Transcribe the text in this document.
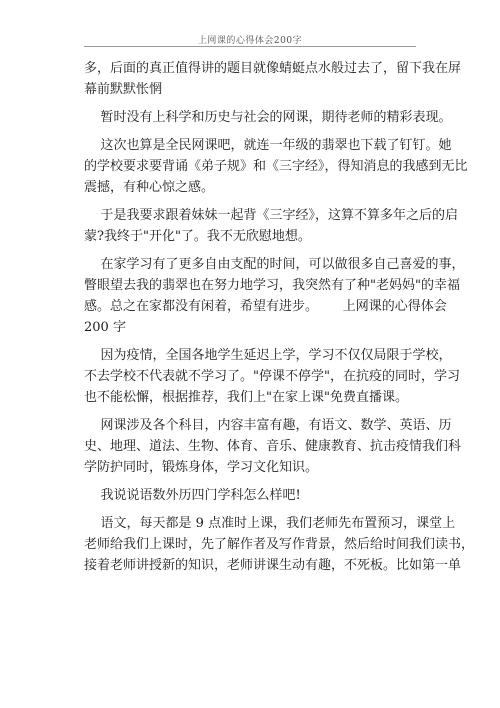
上网课的心得体会200字
多，后面的真正值得讲的题目就像蜻蜓点水般过去了，留下我在屏
幕前默默怅惘
暂时没有上科学和历史与社会的网课，期待老师的精彩表现。
这次也算是全民网课吧，就连一年级的翡翠也下载了钉钉。她
的学校要求要背诵《弟子规》和《三字经》，得知消息的我感到无比
震撼，有种心惊之感。
于是我要求跟着妹妹一起背《三字经》，这算不算多年之后的启
蒙?我终于"开化"了。我不无欣慰地想。
在家学习有了更多自由支配的时间，可以做很多自己喜爱的事，
瞥眼望去我的翡翠也在努力地学习，我突然有了种"老妈妈"的幸福
感。总之在家都没有闲着，希望有进步。      上网课的心得体会
200 字
因为疫情，全国各地学生延迟上学，学习不仅仅局限于学校，
不去学校不代表就不学习了。"停课不停学"，在抗疫的同时，学习
也不能松懈，根据推荐，我们上"在家上课"免费直播课。
网课涉及各个科目，内容丰富有趣，有语文、数学、英语、历
史、地理、道法、生物、体育、音乐、健康教育、抗击疫情我们科
学防护同时，锻炼身体，学习文化知识。
我说说语数外历四门学科怎么样吧!
语文，每天都是 9 点准时上课，我们老师先布置预习，课堂上
老师给我们上课时，先了解作者及写作背景，然后给时间我们读书，
接着老师讲授新的知识，老师讲课生动有趣，不死板。比如第一单
